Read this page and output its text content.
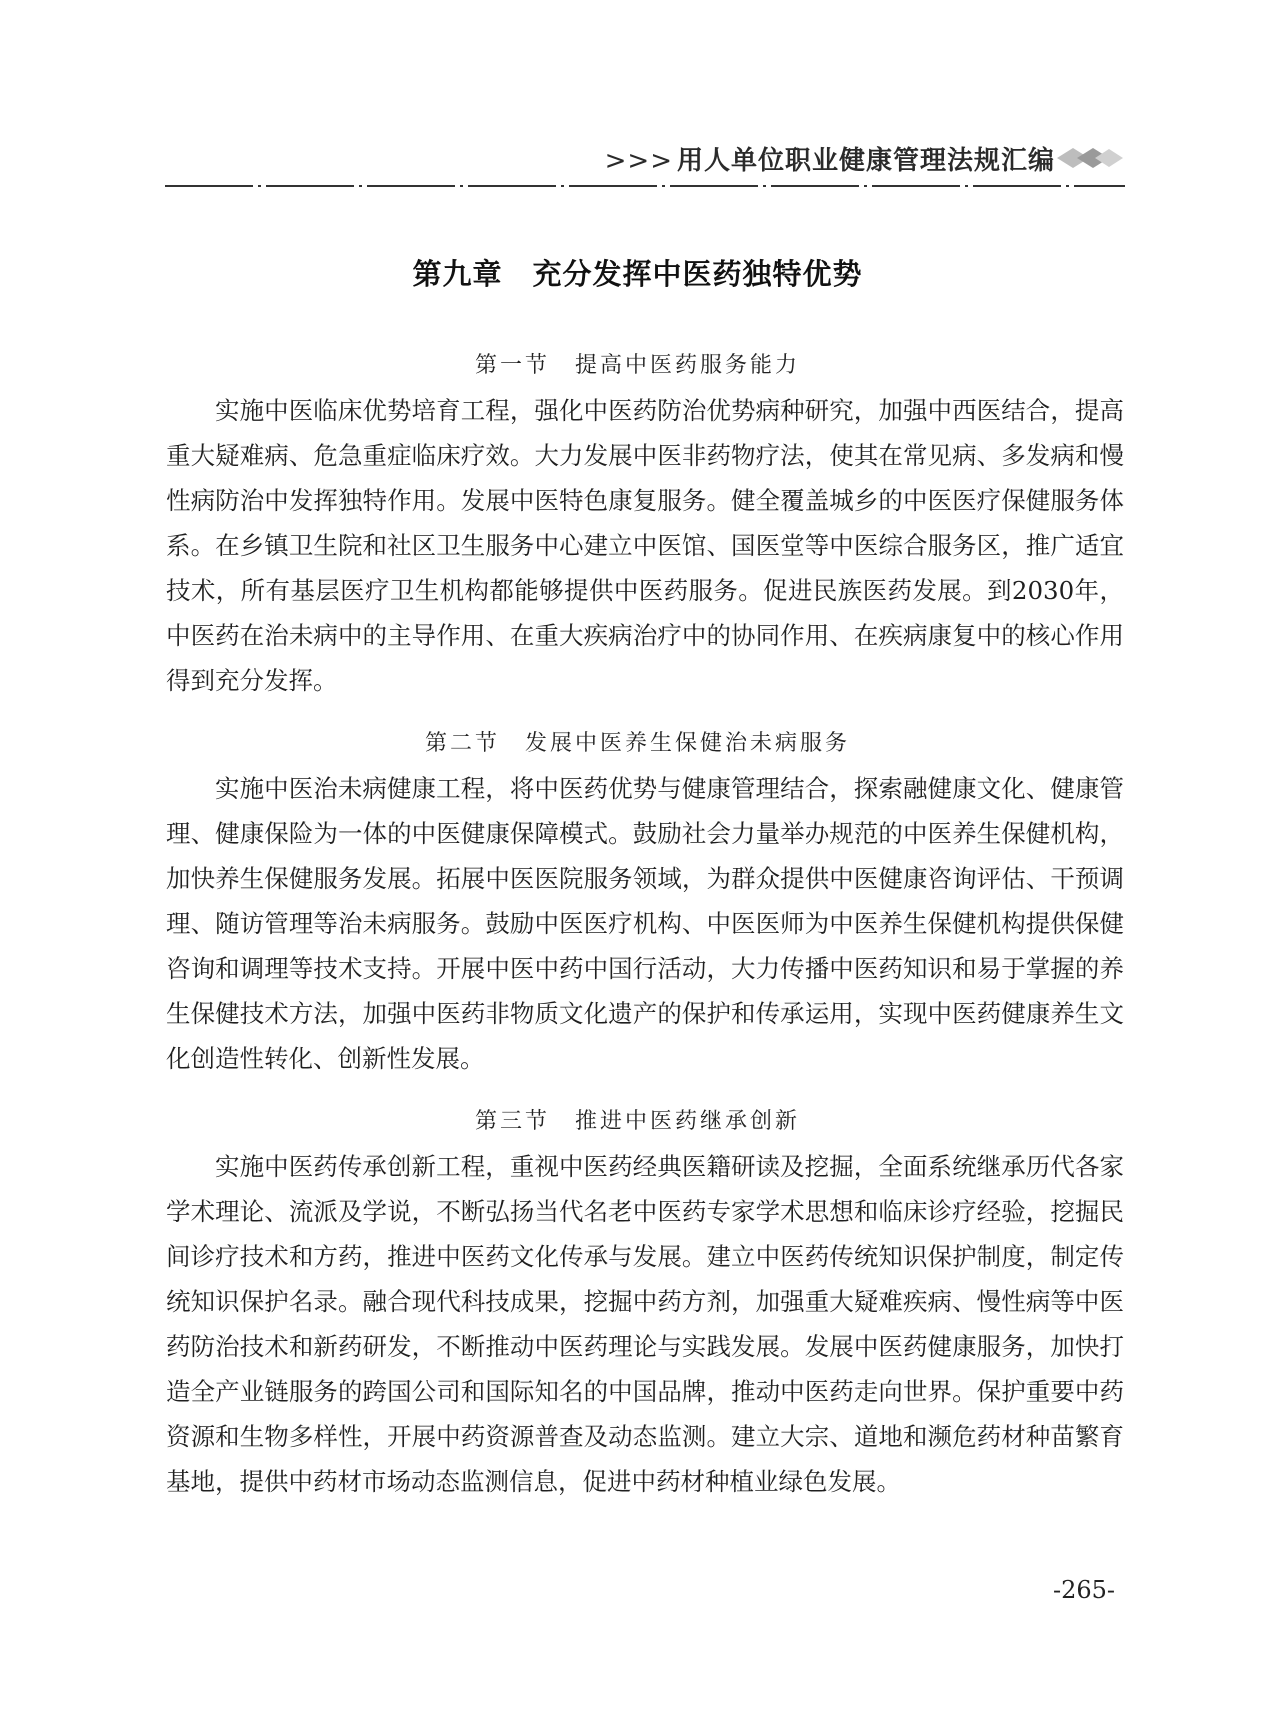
>>> 用人单位职业健康管理法规汇编
第九章　充分发挥中医药独特优势
第一节　提高中医药服务能力

实施中医临床优势培育工程，强化中医药防治优势病种研究，加强中西医结合，提高重大疑难病、危急重症临床疗效。大力发展中医非药物疗法，使其在常见病、多发病和慢性病防治中发挥独特作用。发展中医特色康复服务。健全覆盖城乡的中医医疗保健服务体系。在乡镇卫生院和社区卫生服务中心建立中医馆、国医堂等中医综合服务区，推广适宜技术，所有基层医疗卫生机构都能够提供中医药服务。促进民族医药发展。到2030年，中医药在治未病中的主导作用、在重大疾病治疗中的协同作用、在疾病康复中的核心作用得到充分发挥。

第二节　发展中医养生保健治未病服务

实施中医治未病健康工程，将中医药优势与健康管理结合，探索融健康文化、健康管理、健康保险为一体的中医健康保障模式。鼓励社会力量举办规范的中医养生保健机构，加快养生保健服务发展。拓展中医医院服务领域，为群众提供中医健康咨询评估、干预调理、随访管理等治未病服务。鼓励中医医疗机构、中医医师为中医养生保健机构提供保健咨询和调理等技术支持。开展中医中药中国行活动，大力传播中医药知识和易于掌握的养生保健技术方法，加强中医药非物质文化遗产的保护和传承运用，实现中医药健康养生文化创造性转化、创新性发展。

第三节　推进中医药继承创新

实施中医药传承创新工程，重视中医药经典医籍研读及挖掘，全面系统继承历代各家学术理论、流派及学说，不断弘扬当代名老中医药专家学术思想和临床诊疗经验，挖掘民间诊疗技术和方药，推进中医药文化传承与发展。建立中医药传统知识保护制度，制定传统知识保护名录。融合现代科技成果，挖掘中药方剂，加强重大疑难疾病、慢性病等中医药防治技术和新药研发，不断推动中医药理论与实践发展。发展中医药健康服务，加快打造全产业链服务的跨国公司和国际知名的中国品牌，推动中医药走向世界。保护重要中药资源和生物多样性，开展中药资源普查及动态监测。建立大宗、道地和濒危药材种苗繁育基地，提供中药材市场动态监测信息，促进中药材种植业绿色发展。

-265-
